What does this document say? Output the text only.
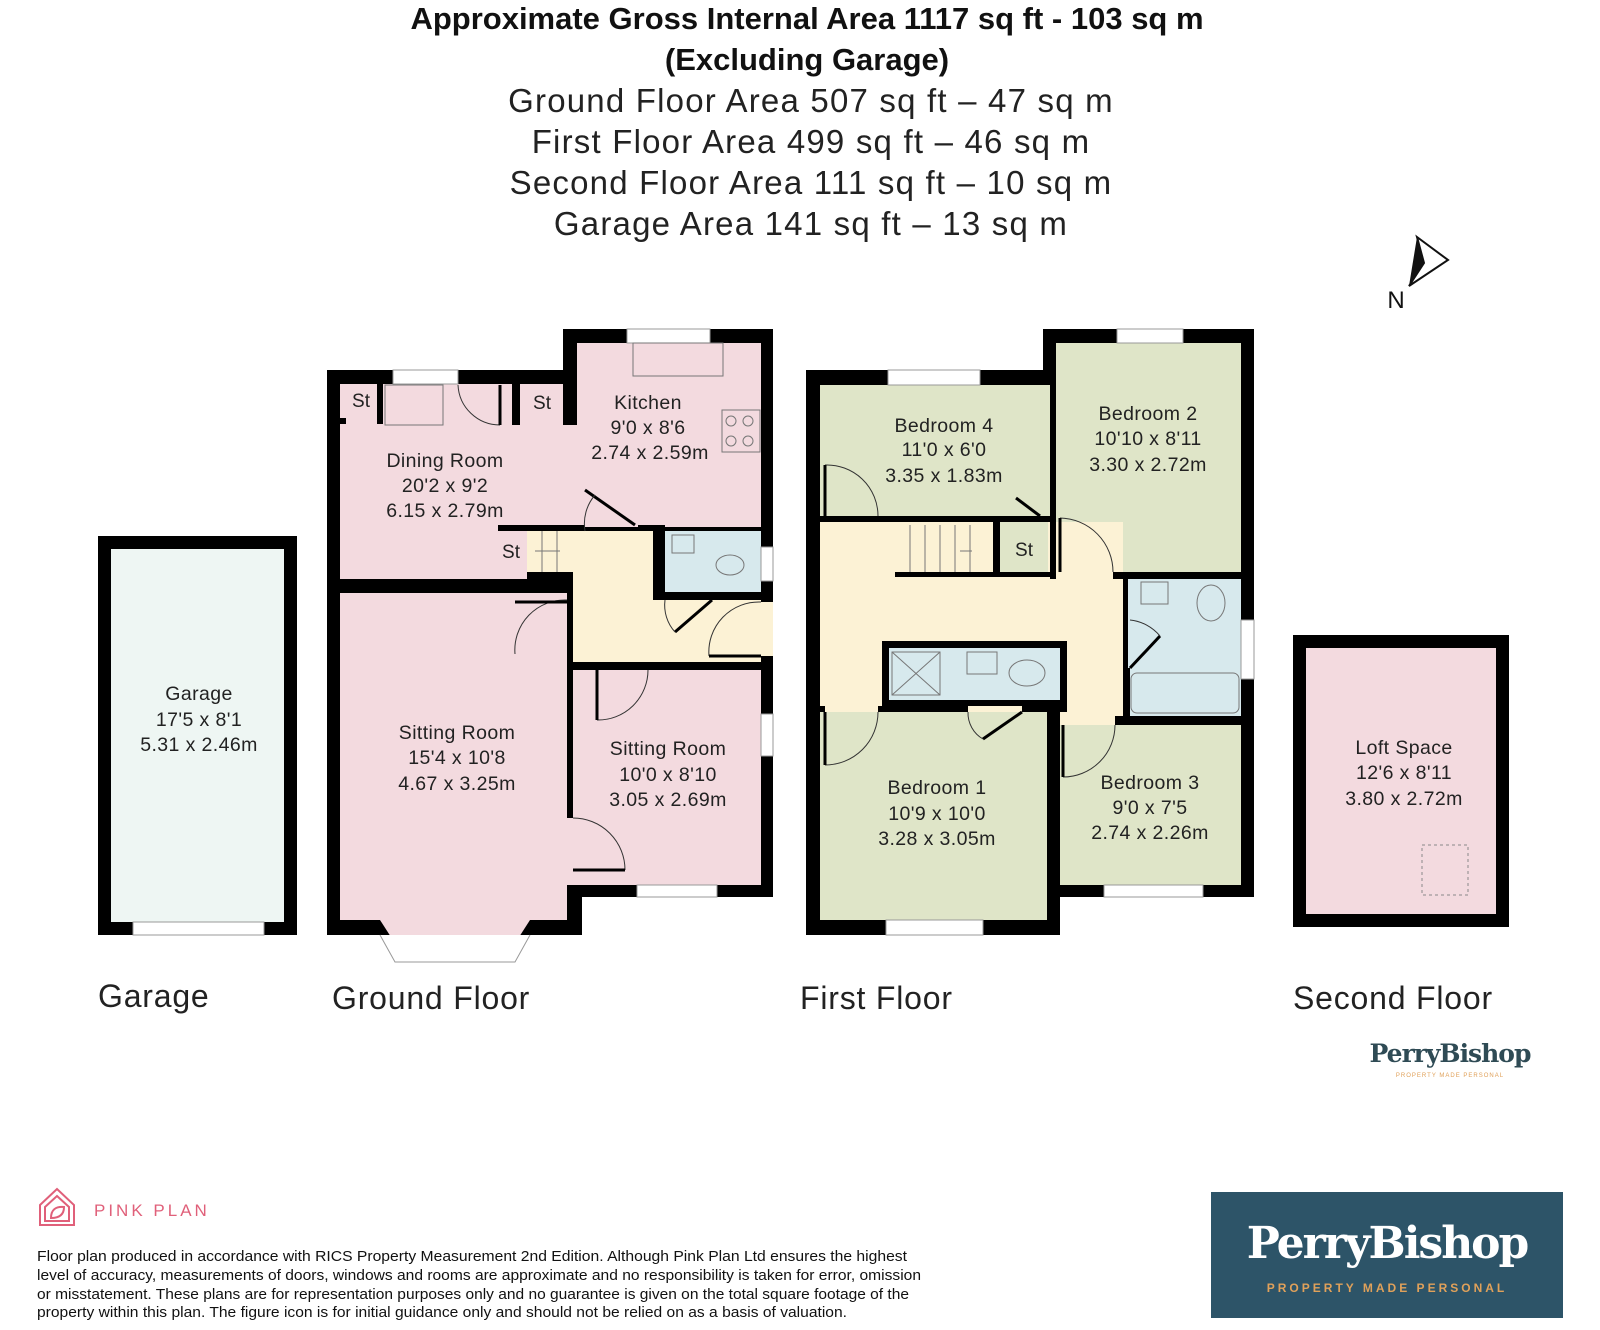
Approximate Gross Internal Area 1117 sq ft - 103 sq m
(Excluding Garage)
Ground Floor Area 507 sq ft – 47 sq m
First Floor Area 499 sq ft – 46 sq m
Second Floor Area 111 sq ft – 10 sq m
Garage Area 141 sq ft – 13 sq m
N
Garage
17'5 x 8'1
5.31 x 2.46m
St	St
St
Kitchen
9'0 x 8'6
2.74 x 2.59m
Dining Room
20'2 x 9'2
6.15 x 2.79m
Sitting Room
15'4 x 10'8
4.67 x 3.25m
Sitting Room
10'0 x 8'10
3.05 x 2.69m
St
Bedroom 4
11'0 x 6'0
3.35 x 1.83m
Bedroom 2
10'10 x 8'11
3.30 x 2.72m
Bedroom 1
10'9 x 10'0
3.28 x 3.05m
Bedroom 3
9'0 x 7'5
2.74 x 2.26m
Loft Space
12'6 x 8'11
3.80 x 2.72m
Garage	Ground Floor	First Floor	Second Floor
PerryBishop
PROPERTY MADE PERSONAL
PINK PLAN
Floor plan produced in accordance with RICS Property Measurement 2nd Edition. Although Pink Plan Ltd ensures the highest
level of accuracy, measurements of doors, windows and rooms are approximate and no responsibility is taken for error, omission
or misstatement. These plans are for representation purposes only and no guarantee is given on the total square footage of the
property within this plan. The figure icon is for initial guidance only and should not be relied on as a basis of valuation.
PerryBishop
PROPERTY MADE PERSONAL
